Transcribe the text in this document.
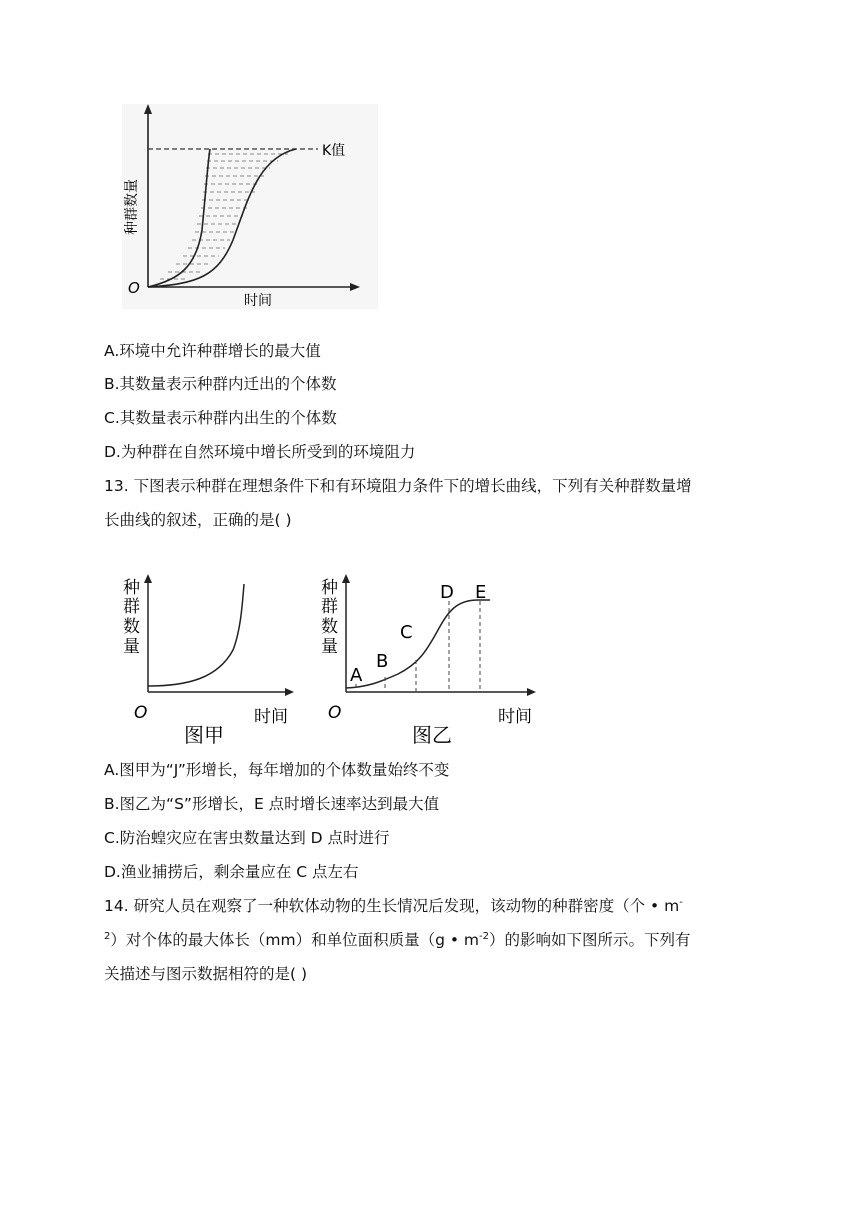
O
K值
时间
种群数量
A.环境中允许种群增长的最大值
B.其数量表示种群内迁出的个体数
C.其数量表示种群内出生的个体数
D.为种群在自然环境中增长所受到的环境阻力
13. 下图表示种群在理想条件下和有环境阻力条件下的增长曲线，下列有关种群数量增
长曲线的叙述，正确的是( )
种
群
数
量
O	时间
图甲
种
群
数
量
A
B
C
D E
O	时间
图乙
A.图甲为“J”形增长，每年增加的个体数量始终不变
B.图乙为“S”形增长，E 点时增长速率达到最大值
C.防治蝗灾应在害虫数量达到 D 点时进行
D.渔业捕捞后，剩余量应在 C 点左右
14. 研究人员在观察了一种软体动物的生长情况后发现，该动物的种群密度（个 • m-
$^2$）对个体的最大体长（mm）和单位面积质量（g • $m^{-2}$）的影响如下图所示。下列有
关描述与图示数据相符的是( )
